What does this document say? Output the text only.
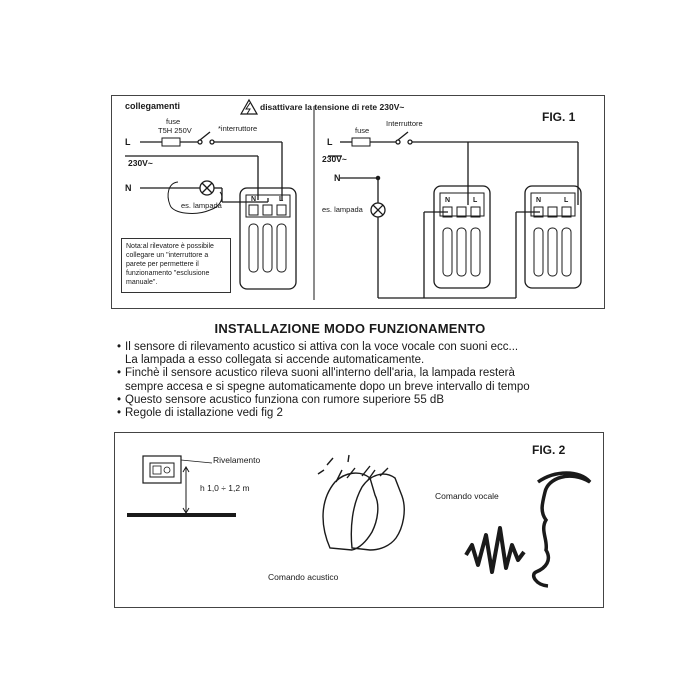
collegamenti	disattivare la tensione di rete 230V~
FIG. 1
L
fuse
T5H 250V	*interruttore
230V~
N
es. lampada
Nota:al rilevatore è possibile collegare un "interruttore a parete per permettere il funzionamento "esclusione manuale".
N	L
L
fuse
Interruttore
230V~
N
es. lampada
N	L	N	L
INSTALLAZIONE MODO FUNZIONAMENTO
• Il sensore di rilevamento acustico si attiva con la voce vocale con suoni ecc...
La lampada a esso collegata si accende automaticamente.
• Finchè il sensore acustico rileva suoni all'interno dell'aria, la lampada resterà
sempre accesa e si spegne automaticamente dopo un breve intervallo di tempo
• Questo sensore acustico funziona con rumore superiore 55 dB
• Regole di istallazione vedi fig 2
FIG. 2
Rivelamento
h 1,0 ÷ 1,2 m
Comando vocale
Comando acustico
